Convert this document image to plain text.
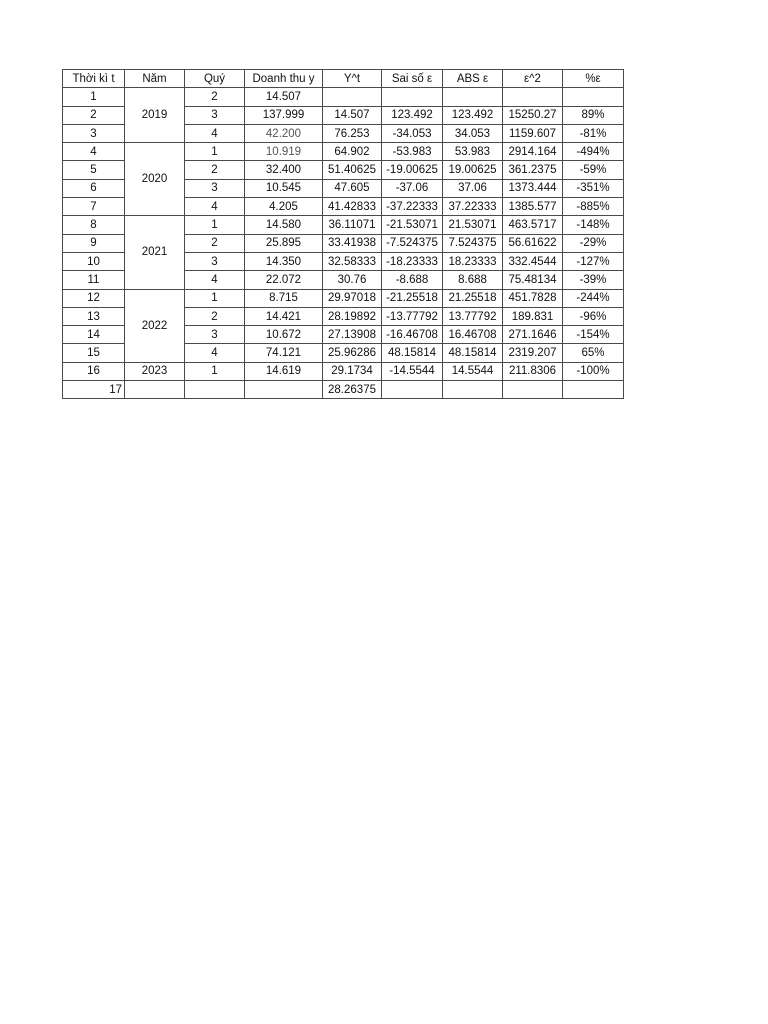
Thời kì t	Năm	Quý	Doanh thu y	Y^t	Sai số ε	ABS ε	ε^2	%ε
1	2019	2	14.507					
2		3	137.999	14.507	123.492	123.492	15250.27	89%
3		4	42.200	76.253	-34.053	34.053	1159.607	-81%
4	2020	1	10.919	64.902	-53.983	53.983	2914.164	-494%
5		2	32.400	51.40625	-19.00625	19.00625	361.2375	-59%
6		3	10.545	47.605	-37.06	37.06	1373.444	-351%
7		4	4.205	41.42833	-37.22333	37.22333	1385.577	-885%
8	2021	1	14.580	36.11071	-21.53071	21.53071	463.5717	-148%
9		2	25.895	33.41938	-7.524375	7.524375	56.61622	-29%
10		3	14.350	32.58333	-18.23333	18.23333	332.4544	-127%
11		4	22.072	30.76	-8.688	8.688	75.48134	-39%
12	2022	1	8.715	29.97018	-21.25518	21.25518	451.7828	-244%
13		2	14.421	28.19892	-13.77792	13.77792	189.831	-96%
14		3	10.672	27.13908	-16.46708	16.46708	271.1646	-154%
15		4	74.121	25.96286	48.15814	48.15814	2319.207	65%
16	2023	1	14.619	29.1734	-14.5544	14.5544	211.8306	-100%
17				28.26375				
